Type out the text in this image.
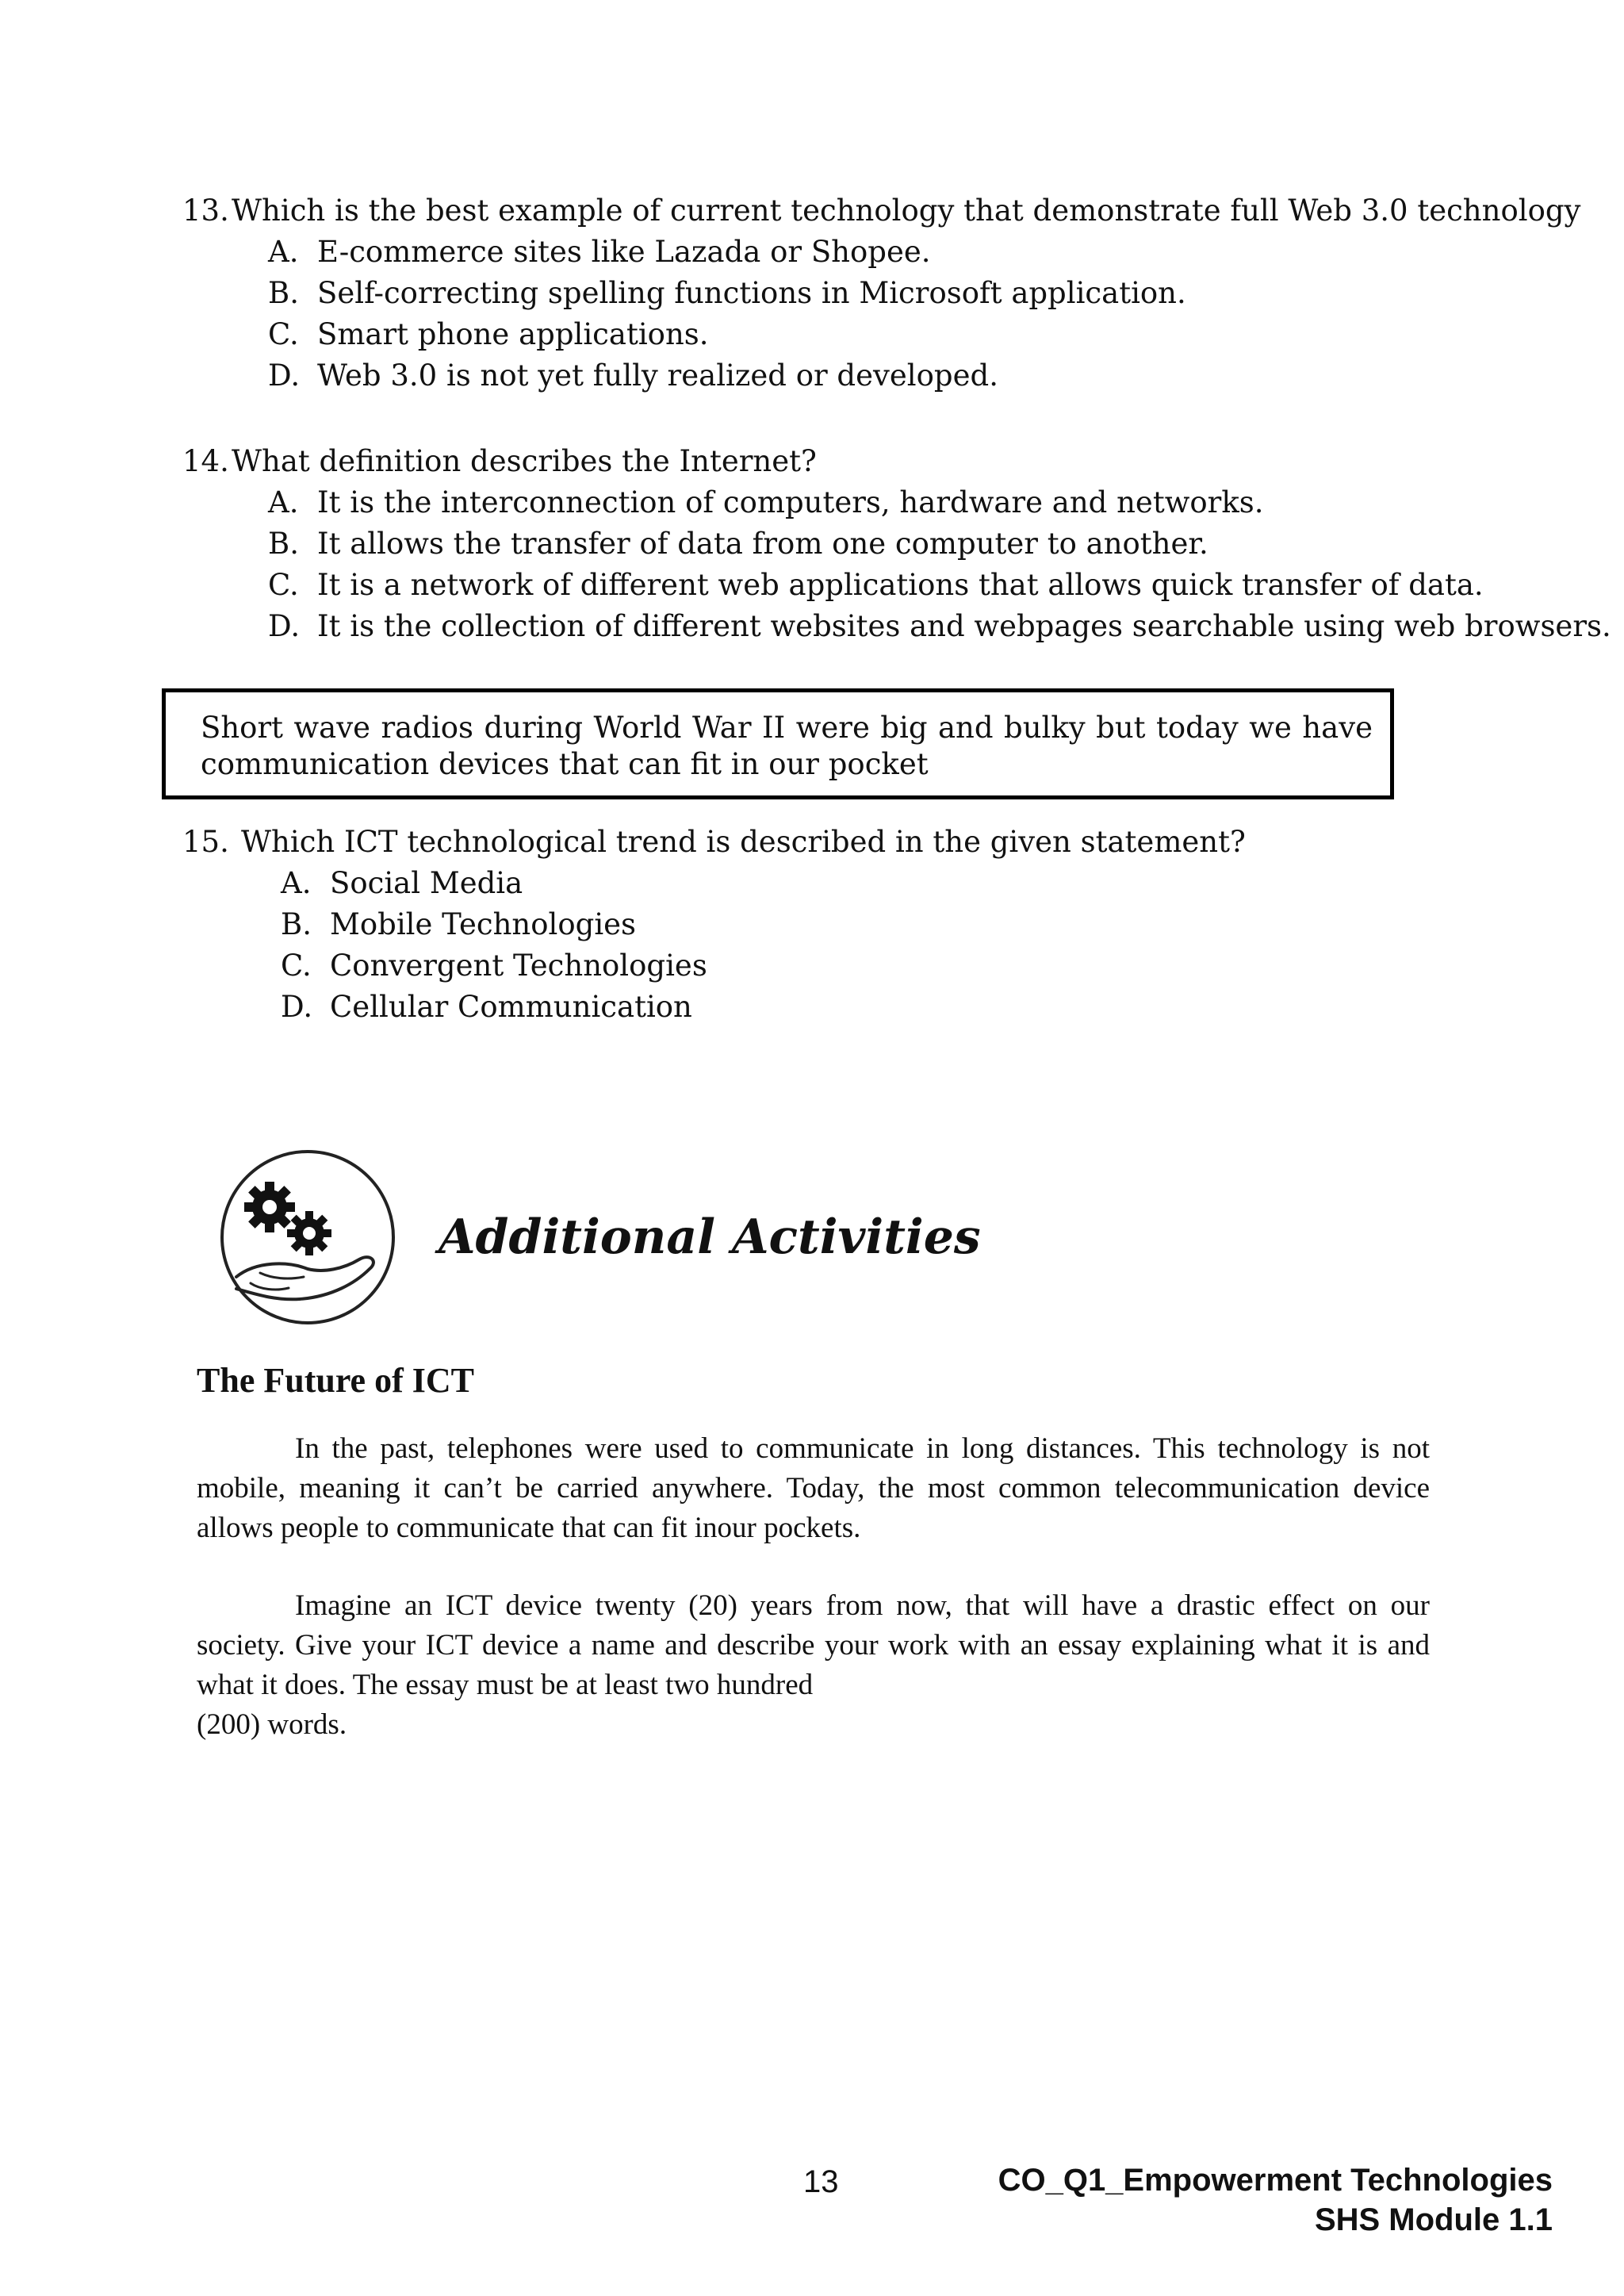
13. Which is the best example of current technology that demonstrate full Web 3.0 technology
A. E-commerce sites like Lazada or Shopee.
B. Self-correcting spelling functions in Microsoft application.
C. Smart phone applications.
D. Web 3.0 is not yet fully realized or developed.
14. What definition describes the Internet?
A. It is the interconnection of computers, hardware and networks.
B. It allows the transfer of data from one computer to another.
C. It is a network of different web applications that allows quick transfer of data.
D. It is the collection of different websites and webpages searchable using web browsers.
Short wave radios during World War II were big and bulky but today we have communication devices that can fit in our pocket
15. Which ICT technological trend is described in the given statement?
A. Social Media
B. Mobile Technologies
C. Convergent Technologies
D. Cellular Communication
Additional Activities
The Future of ICT

In the past, telephones were used to communicate in long distances. This technology is not mobile, meaning it can’t be carried anywhere. Today, the most common telecommunication device allows people to communicate that can fit inour pockets.

Imagine an ICT device twenty (20) years from now, that will have a drastic effect on our society. Give your ICT device a name and describe your work with an essay explaining what it is and what it does. The essay must be at least two hundred
(200) words.

13	CO_Q1_Empowerment Technologies
SHS Module 1.1
